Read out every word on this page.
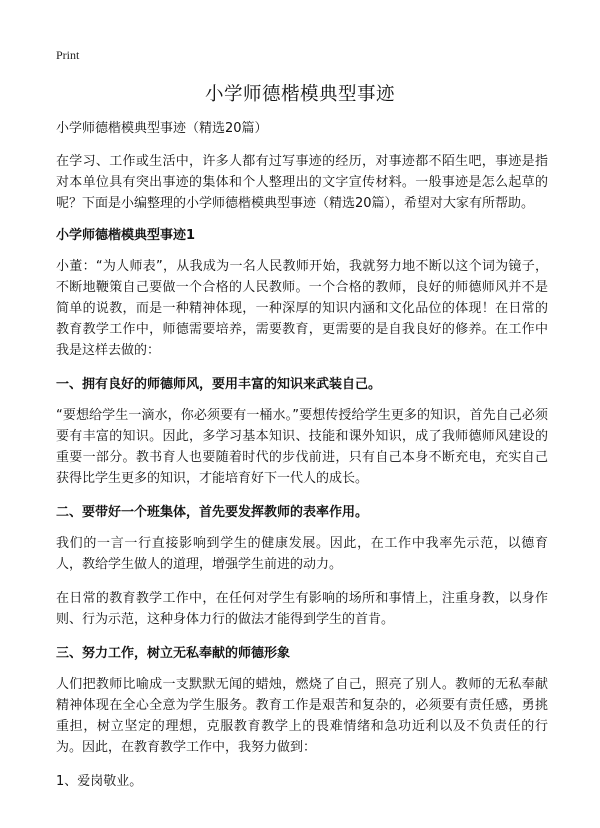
Print

小学师德楷模典型事迹

小学师德楷模典型事迹（精选20篇）

在学习、工作或生活中，许多人都有过写事迹的经历，对事迹都不陌生吧，事迹是指对本单位具有突出事迹的集体和个人整理出的文字宣传材料。一般事迹是怎么起草的呢？下面是小编整理的小学师德楷模典型事迹（精选20篇），希望对大家有所帮助。

小学师德楷模典型事迹1

小董：“为人师表”，从我成为一名人民教师开始，我就努力地不断以这个词为镜子，不断地鞭策自己要做一个合格的人民教师。一个合格的教师，良好的师德师风并不是简单的说教，而是一种精神体现，一种深厚的知识内涵和文化品位的体现！在日常的教育教学工作中，师德需要培养，需要教育，更需要的是自我良好的修养。在工作中我是这样去做的：

一、拥有良好的师德师风，要用丰富的知识来武装自己。

“要想给学生一滴水，你必须要有一桶水。”要想传授给学生更多的知识，首先自己必须要有丰富的知识。因此，多学习基本知识、技能和课外知识，成了我师德师风建设的重要一部分。教书育人也要随着时代的步伐前进，只有自己本身不断充电，充实自己获得比学生更多的知识，才能培育好下一代人的成长。

二、要带好一个班集体，首先要发挥教师的表率作用。

我们的一言一行直接影响到学生的健康发展。因此，在工作中我率先示范，以德育人，教给学生做人的道理，增强学生前进的动力。

在日常的教育教学工作中，在任何对学生有影响的场所和事情上，注重身教，以身作则、行为示范，这种身体力行的做法才能得到学生的首肯。

三、努力工作，树立无私奉献的师德形象

人们把教师比喻成一支默默无闻的蜡烛，燃烧了自己，照亮了别人。教师的无私奉献精神体现在全心全意为学生服务。教育工作是艰苦和复杂的，必须要有责任感，勇挑重担，树立坚定的理想，克服教育教学上的畏难情绪和急功近利以及不负责任的行为。因此，在教育教学工作中，我努力做到：

1、爱岗敬业。
